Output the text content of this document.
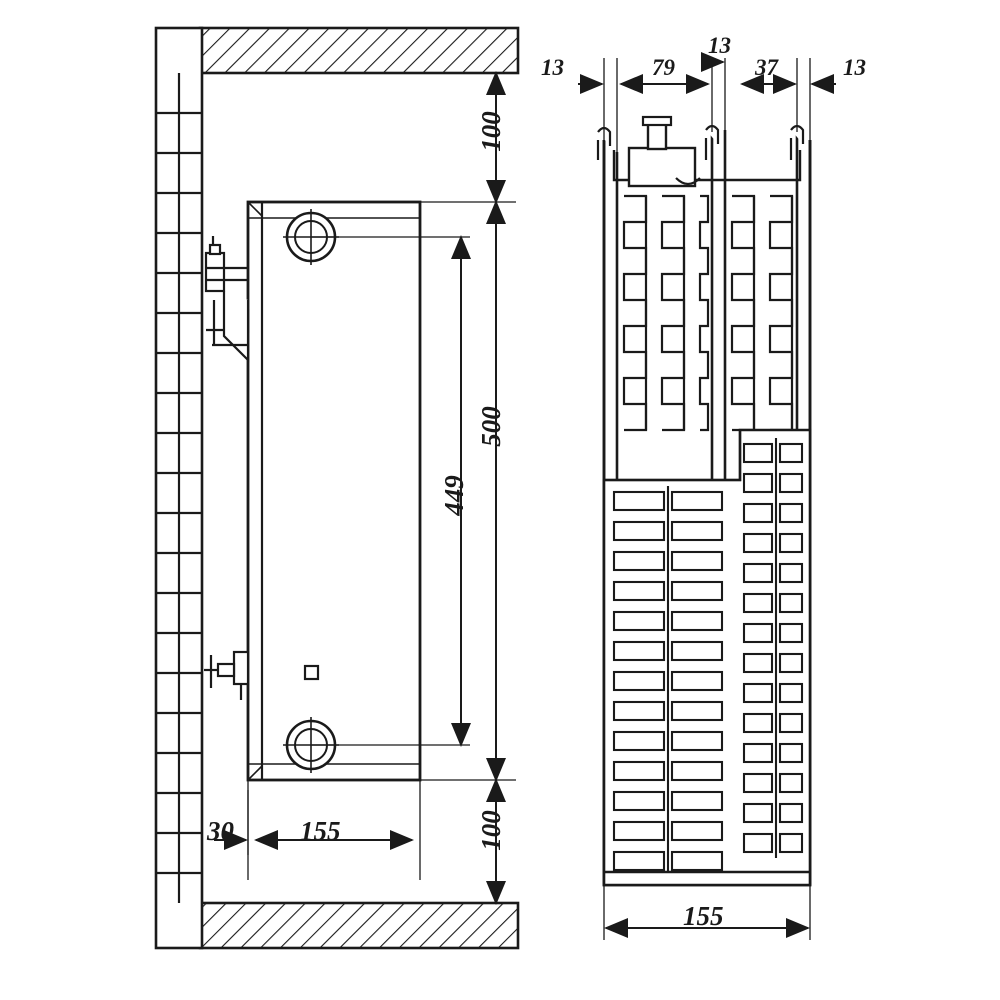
100
500
449
100
30 155
13	79
13
37	13
155
